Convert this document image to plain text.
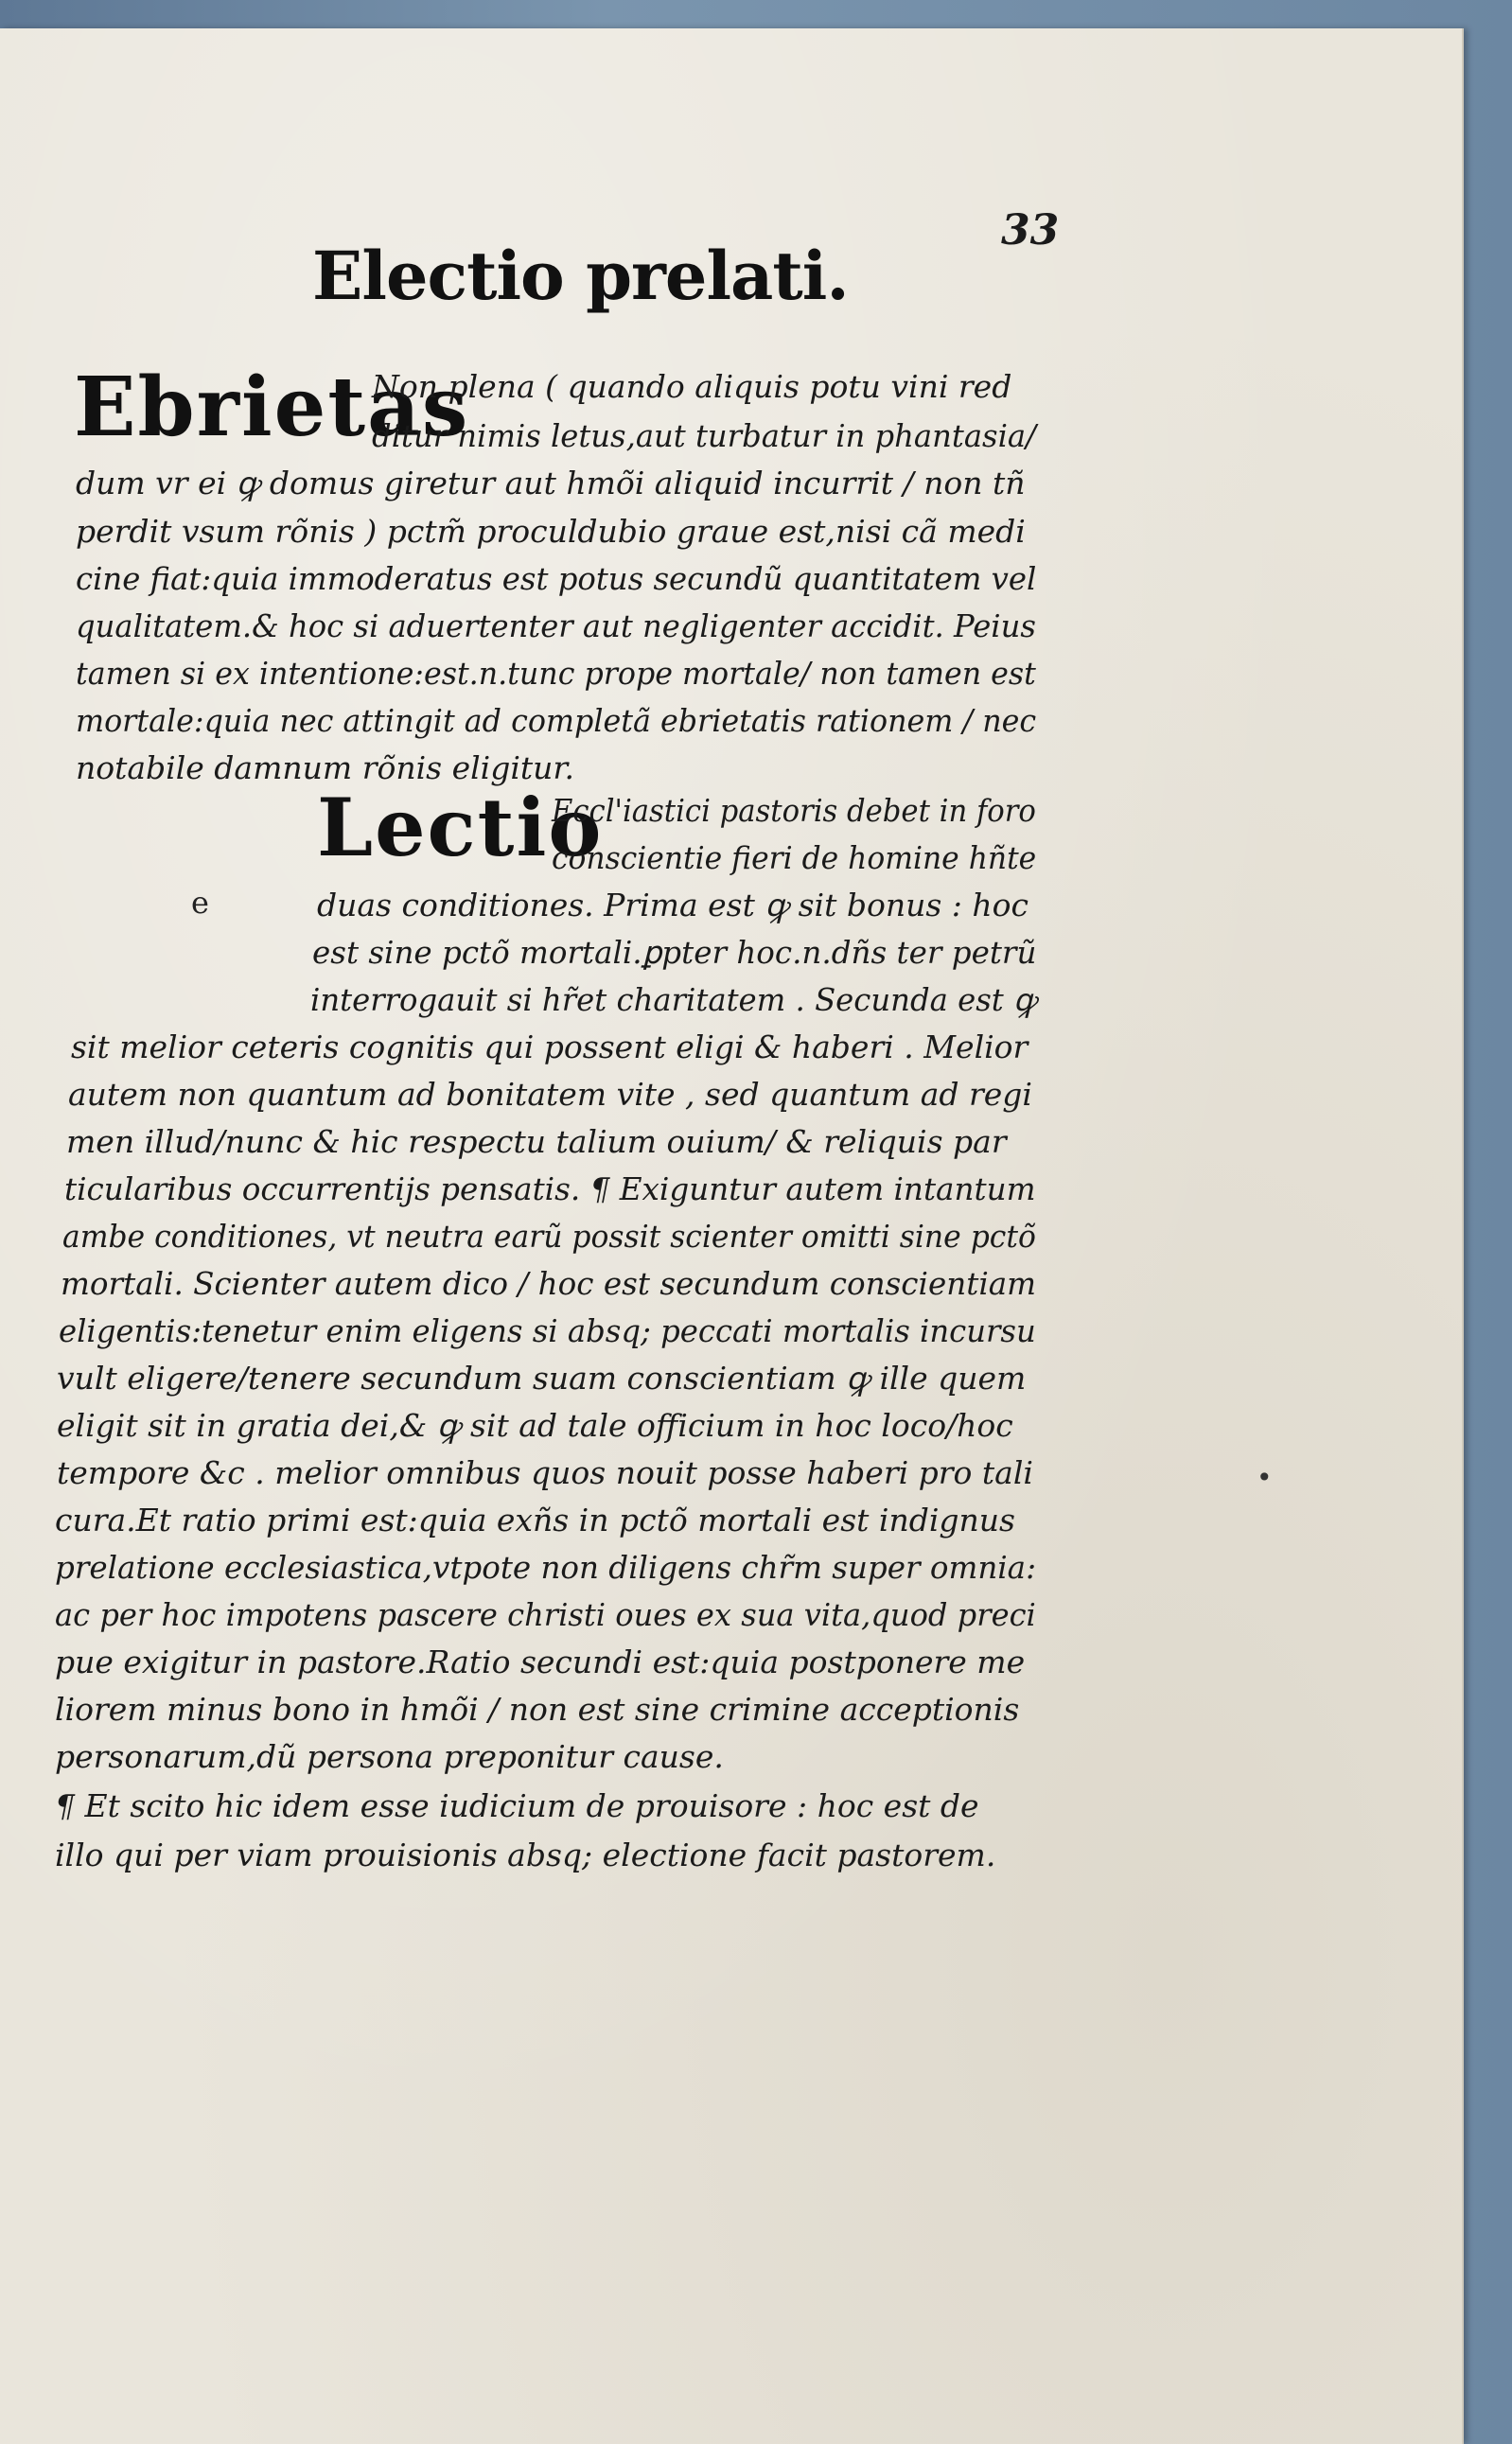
33
Electio prelati.
Ebrietas
Non plena ( quando aliquis potu vini red
ditur nimis letus,aut turbatur in phantasia/
dum vr ei ꝙ domus giretur aut hmõi aliquid incurrit / non tñ
perdit vsum rõnis ) pctm̃ proculdubio graue est,nisi cã medi
cine fiat:quia immoderatus est potus secundũ quantitatem vel
qualitatem.& hoc si aduertenter aut negligenter accidit. Peius
tamen si ex intentione:est.n.tunc prope mortale/ non tamen est
mortale:quia nec attingit ad completã ebrietatis rationem / nec
notabile damnum rõnis eligitur.
Lectio
e
Eccl'iastici pastoris debet in foro
conscientie fieri de homine hñte
duas conditiones. Prima est ꝙ sit bonus : hoc
est sine pctõ mortali.ꝑpter hoc.n.dñs ter petrũ
interrogauit si hr̃et charitatem . Secunda est ꝙ
sit melior ceteris cognitis qui possent eligi & haberi . Melior
autem non quantum ad bonitatem vite , sed quantum ad regi
men illud/nunc & hic respectu talium ouium/ & reliquis par
ticularibus occurrentijs pensatis. ¶ Exiguntur autem intantum
ambe conditiones, vt neutra earũ possit scienter omitti sine pctõ
mortali. Scienter autem dico / hoc est secundum conscientiam
eligentis:tenetur enim eligens si absq; peccati mortalis incursu
vult eligere/tenere secundum suam conscientiam ꝙ ille quem
eligit sit in gratia dei,& ꝙ sit ad tale officium in hoc loco/hoc
tempore &c . melior omnibus quos nouit posse haberi pro tali
cura.Et ratio primi est:quia exñs in pctõ mortali est indignus
prelatione ecclesiastica,vtpote non diligens chr̃m super omnia:
ac per hoc impotens pascere christi oues ex sua vita,quod preci
pue exigitur in pastore.Ratio secundi est:quia postponere me
liorem minus bono in hmõi / non est sine crimine acceptionis
personarum,dũ persona preponitur cause.
¶ Et scito hic idem esse iudicium de prouisore : hoc est de
illo qui per viam prouisionis absq; electione facit pastorem.
•
